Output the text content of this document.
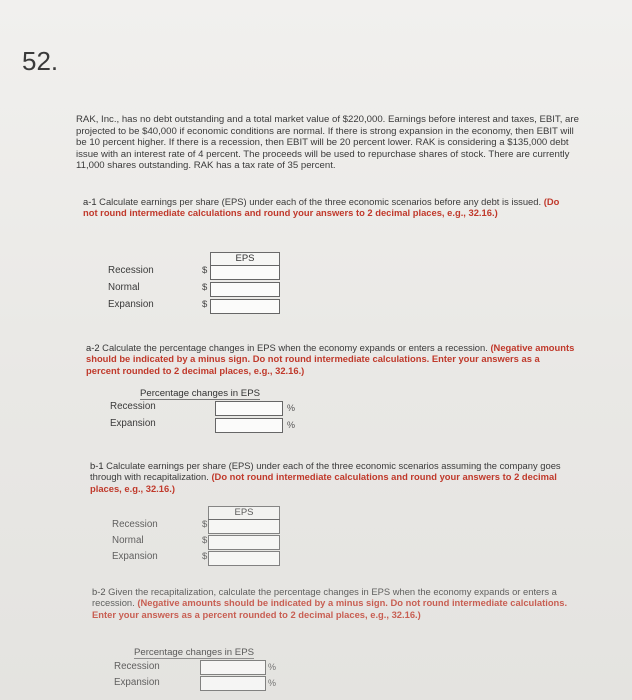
52.
RAK, Inc., has no debt outstanding and a total market value of $220,000. Earnings before interest and taxes, EBIT, are projected to be $40,000 if economic conditions are normal. If there is strong expansion in the economy, then EBIT will be 10 percent higher. If there is a recession, then EBIT will be 20 percent lower. RAK is considering a $135,000 debt issue with an interest rate of 4 percent. The proceeds will be used to repurchase shares of stock. There are currently 11,000 shares outstanding. RAK has a tax rate of 35 percent.
a-1 Calculate earnings per share (EPS) under each of the three economic scenarios before any debt is issued. (Do not round intermediate calculations and round your answers to 2 decimal places, e.g., 32.16.)
EPS
Recession	$
Normal	$
Expansion	$
a-2 Calculate the percentage changes in EPS when the economy expands or enters a recession. (Negative amounts should be indicated by a minus sign. Do not round intermediate calculations. Enter your answers as a percent rounded to 2 decimal places, e.g., 32.16.)
Percentage changes in EPS
Recession	%
Expansion	%
b-1 Calculate earnings per share (EPS) under each of the three economic scenarios assuming the company goes through with recapitalization. (Do not round intermediate calculations and round your answers to 2 decimal places, e.g., 32.16.)
EPS
Recession	$
Normal	$
Expansion	$
b-2 Given the recapitalization, calculate the percentage changes in EPS when the economy expands or enters a recession. (Negative amounts should be indicated by a minus sign. Do not round intermediate calculations. Enter your answers as a percent rounded to 2 decimal places, e.g., 32.16.)
Percentage changes in EPS
Recession	%
Expansion	%
